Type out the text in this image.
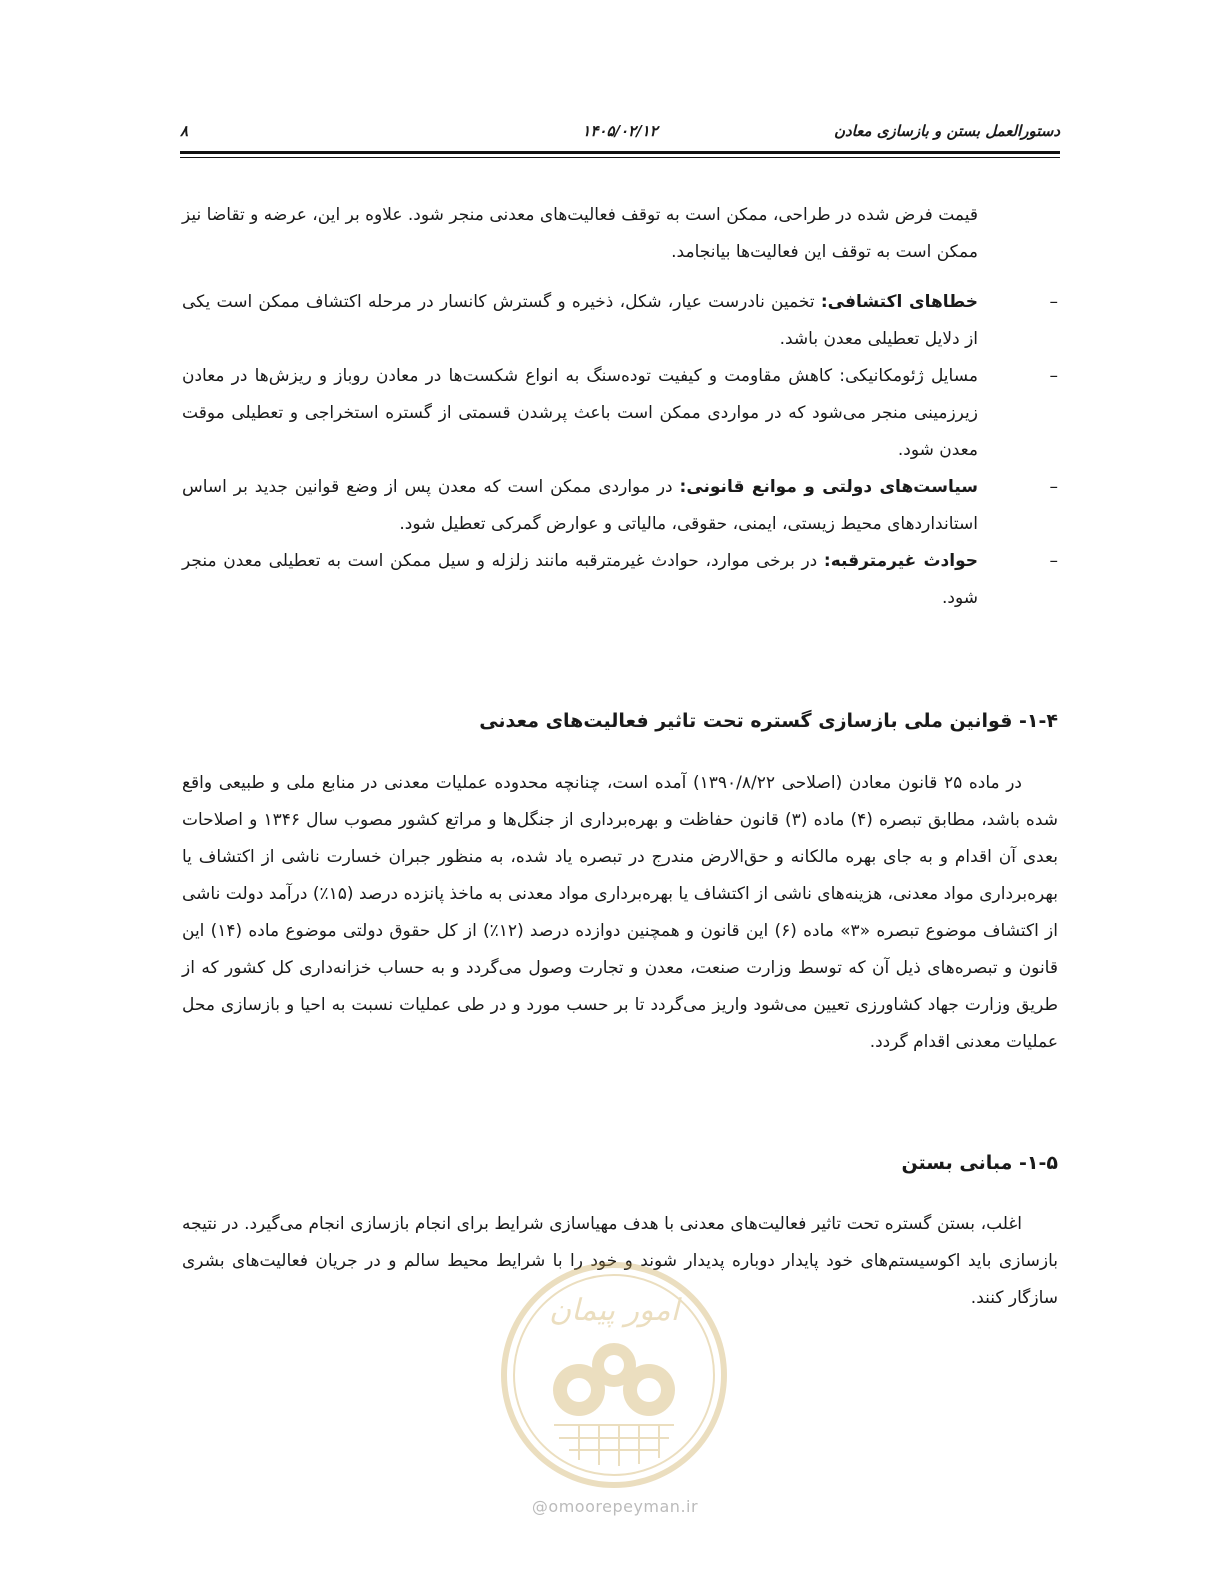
۸	۱۴۰۵/۰۲/۱۲	دستورالعمل بستن و بازسازی معادن

قیمت فرض شده در طراحی، ممکن است به توقف فعالیت‌های معدنی منجر شود. علاوه بر این، عرضه و تقاضا نیز ممکن است به توقف این فعالیت‌ها بیانجامد.

–

خطاهای اکتشافی: تخمین نادرست عیار، شکل، ذخیره و گسترش کانسار در مرحله اکتشاف ممکن است یکی از دلایل تعطیلی معدن باشد.

–

مسایل ژئومکانیکی: کاهش مقاومت و کیفیت توده‌سنگ به انواع شکست‌ها در معادن روباز و ریزش‌ها در معادن زیرزمینی منجر می‌شود که در مواردی ممکن است باعث پرشدن قسمتی از گستره استخراجی و تعطیلی موقت معدن شود.

–

سیاست‌های دولتی و موانع قانونی: در مواردی ممکن است که معدن پس از وضع قوانین جدید بر اساس استانداردهای محیط زیستی، ایمنی، حقوقی، مالیاتی و عوارض گمرکی تعطیل شود.

–

حوادث غیرمترقبه: در برخی موارد، حوادث غیرمترقبه مانند زلزله و سیل ممکن است به تعطیلی معدن منجر شود.

۱-۴- قوانین ملی بازسازی گستره تحت تاثیر فعالیت‌های معدنی

در ماده ۲۵ قانون معادن (اصلاحی ۱۳۹۰/۸/۲۲) آمده است، چنانچه محدوده عملیات معدنی در منابع ملی و طبیعی واقع شده باشد، مطابق تبصره (۴) ماده (۳) قانون حفاظت و بهره‌برداری از جنگل‌ها و مراتع کشور مصوب سال ۱۳۴۶ و اصلاحات بعدی آن اقدام و به جای بهره مالکانه و حق‌الارض مندرج در تبصره یاد شده، به منظور جبران خسارت ناشی از اکتشاف یا بهره‌برداری مواد معدنی، هزینه‌های ناشی از اکتشاف یا بهره‌برداری مواد معدنی به ماخذ پانزده درصد (۱۵٪) درآمد دولت ناشی از اکتشاف موضوع تبصره «۳» ماده (۶) این قانون و همچنین دوازده درصد (۱۲٪) از کل حقوق دولتی موضوع ماده (۱۴) این قانون و تبصره‌های ذیل آن که توسط وزارت صنعت، معدن و تجارت وصول می‌گردد و به حساب خزانه‌داری کل کشور که از طریق وزارت جهاد کشاورزی تعیین می‌شود واریز می‌گردد تا بر حسب مورد و در طی عملیات نسبت به احیا و بازسازی محل عملیات معدنی اقدام گردد.

۱-۵- مبانی بستن

اغلب، بستن گستره تحت تاثیر فعالیت‌های معدنی با هدف مهیاسازی شرایط برای انجام بازسازی انجام می‌گیرد. در نتیجه بازسازی باید اکوسیستم‌های خود پایدار دوباره پدیدار شوند و خود را با شرایط محیط سالم و در جریان فعالیت‌های بشری سازگار کنند.

امور پیمان
@omoorepeyman.ir
